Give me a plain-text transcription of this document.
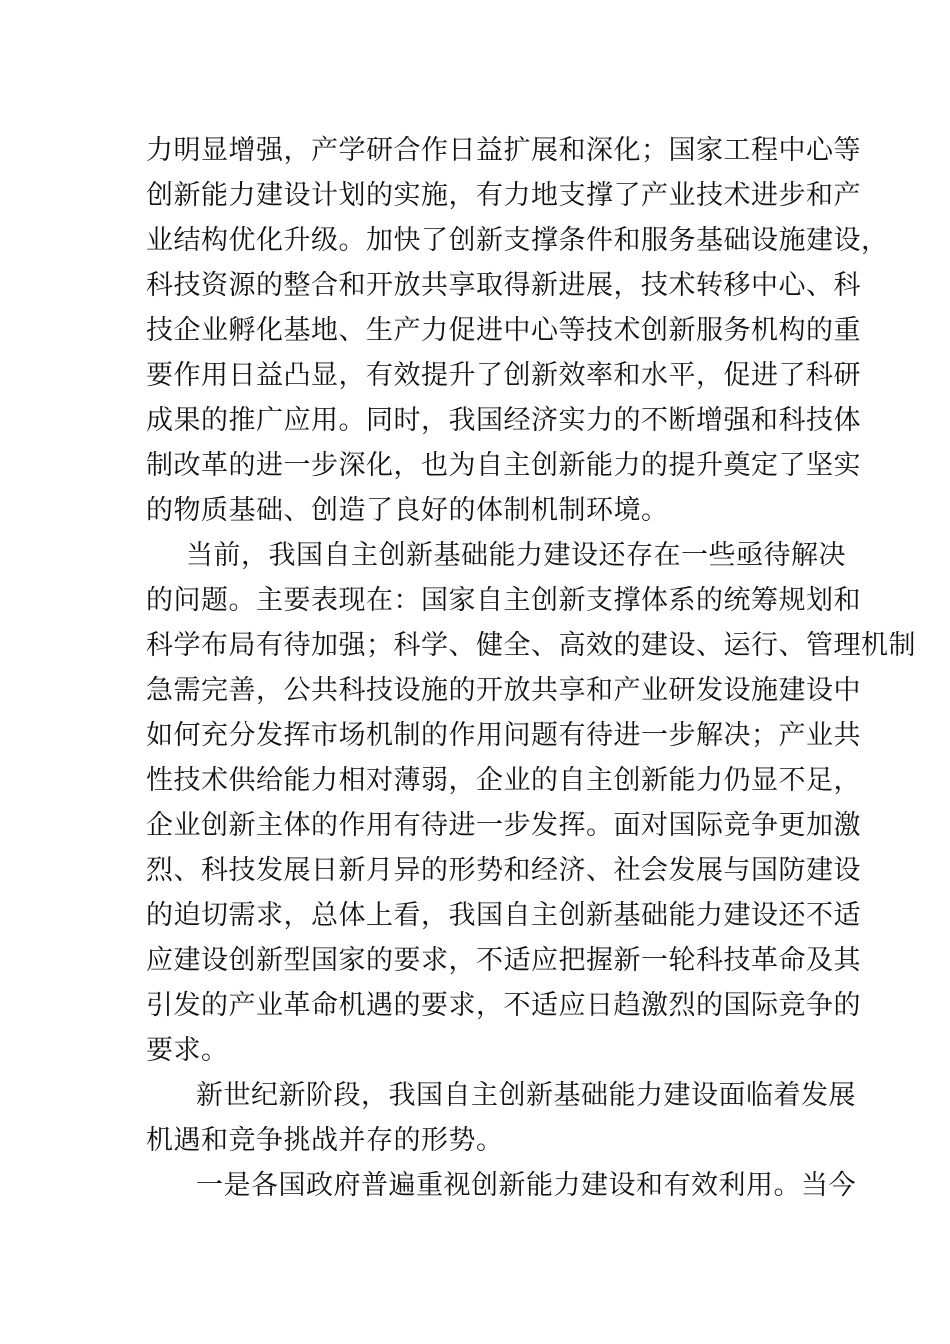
力明显增强，产学研合作日益扩展和深化；国家工程中心等
创新能力建设计划的实施，有力地支撑了产业技术进步和产
业结构优化升级。加快了创新支撑条件和服务基础设施建设，
科技资源的整合和开放共享取得新进展，技术转移中心、科
技企业孵化基地、生产力促进中心等技术创新服务机构的重
要作用日益凸显，有效提升了创新效率和水平，促进了科研
成果的推广应用。同时，我国经济实力的不断增强和科技体
制改革的进一步深化，也为自主创新能力的提升奠定了坚实
的物质基础、创造了良好的体制机制环境。
当前，我国自主创新基础能力建设还存在一些亟待解决
的问题。主要表现在：国家自主创新支撑体系的统筹规划和
科学布局有待加强；科学、健全、高效的建设、运行、管理机制
急需完善，公共科技设施的开放共享和产业研发设施建设中
如何充分发挥市场机制的作用问题有待进一步解决；产业共
性技术供给能力相对薄弱，企业的自主创新能力仍显不足，
企业创新主体的作用有待进一步发挥。面对国际竞争更加激
烈、科技发展日新月异的形势和经济、社会发展与国防建设
的迫切需求，总体上看，我国自主创新基础能力建设还不适
应建设创新型国家的要求，不适应把握新一轮科技革命及其
引发的产业革命机遇的要求，不适应日趋激烈的国际竞争的
要求。
新世纪新阶段，我国自主创新基础能力建设面临着发展
机遇和竞争挑战并存的形势。
一是各国政府普遍重视创新能力建设和有效利用。当今
